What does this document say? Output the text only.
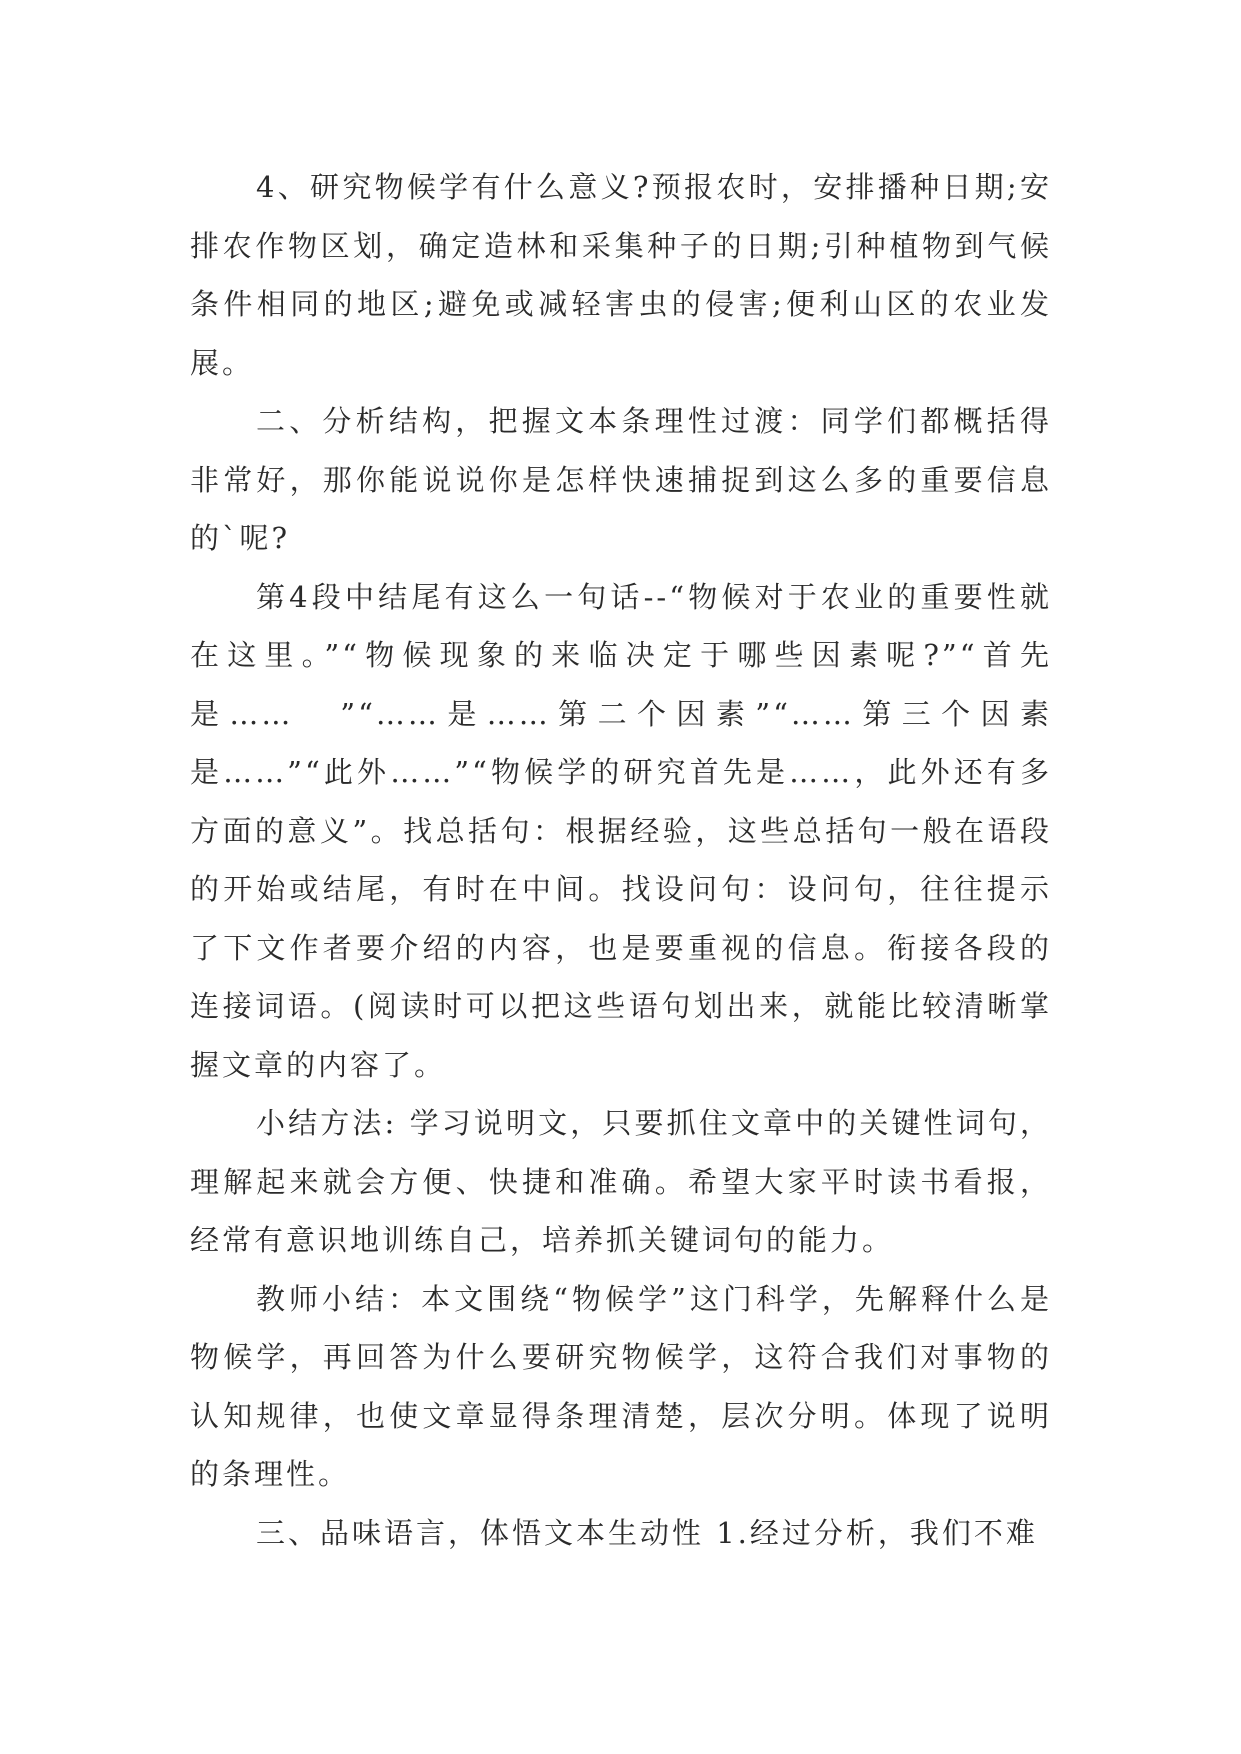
4、研究物候学有什么意义?预报农时，安排播种日期;安排农作物区划，确定造林和采集种子的日期;引种植物到气候条件相同的地区;避免或减轻害虫的侵害;便利山区的农业发展。

二、分析结构，把握文本条理性过渡：同学们都概括得非常好，那你能说说你是怎样快速捕捉到这么多的重要信息的`呢?

第4段中结尾有这么一句话--“物候对于农业的重要性就在这里。”“物候现象的来临决定于哪些因素呢?”“首先是……　”“……是……第二个因素”“……第三个因素是……”“此外……”“物候学的研究首先是……，此外还有多方面的意义”。找总括句：根据经验，这些总括句一般在语段的开始或结尾，有时在中间。找设问句：设问句，往往提示了下文作者要介绍的内容，也是要重视的信息。衔接各段的连接词语。(阅读时可以把这些语句划出来，就能比较清晰掌握文章的内容了。

小结方法: 学习说明文，只要抓住文章中的关键性词句，理解起来就会方便、快捷和准确。希望大家平时读书看报，经常有意识地训练自己，培养抓关键词句的能力。

教师小结：本文围绕“物候学”这门科学，先解释什么是物候学，再回答为什么要研究物候学，这符合我们对事物的认知规律，也使文章显得条理清楚，层次分明。体现了说明的条理性。

三、品味语言，体悟文本生动性 1.经过分析，我们不难
